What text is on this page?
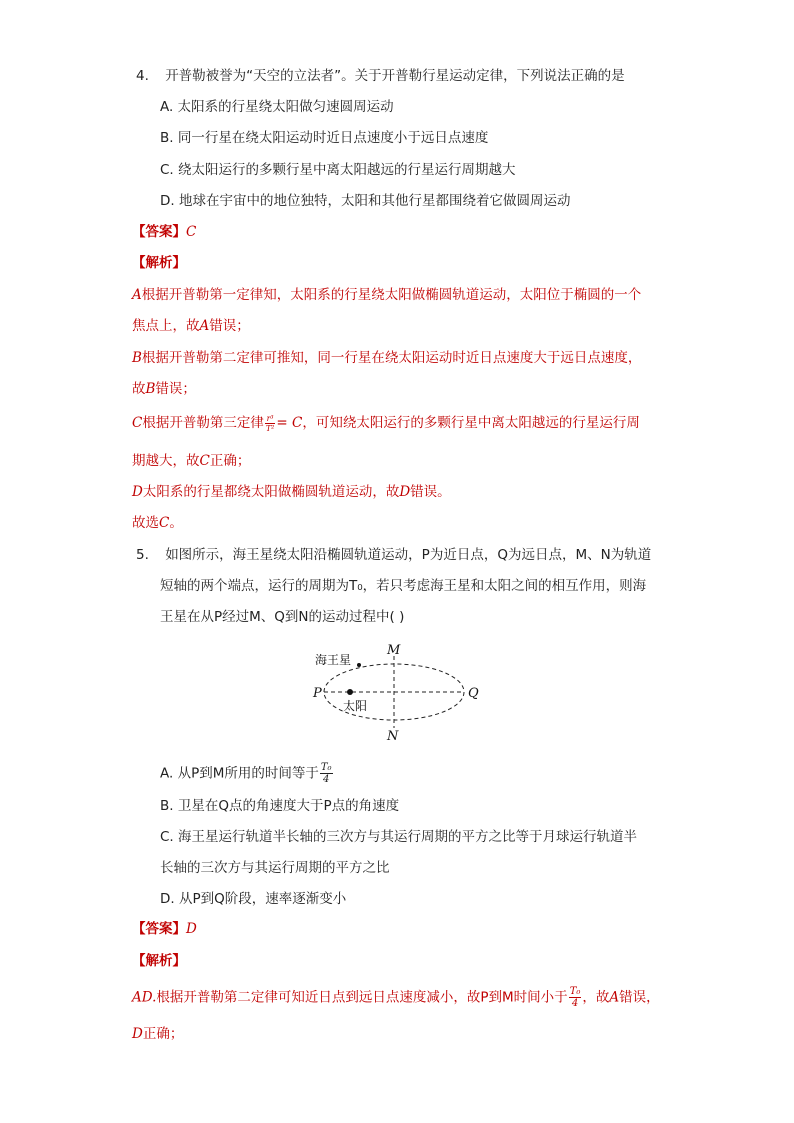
4. 开普勒被誉为“天空的立法者”。关于开普勒行星运动定律，下列说法正确的是
A. 太阳系的行星绕太阳做匀速圆周运动
B. 同一行星在绕太阳运动时近日点速度小于远日点速度
C. 绕太阳运行的多颗行星中离太阳越远的行星运行周期越大
D. 地球在宇宙中的地位独特，太阳和其他行星都围绕着它做圆周运动
【答案】C
【解析】
A根据开普勒第一定律知，太阳系的行星绕太阳做椭圆轨道运动，太阳位于椭圆的一个
焦点上，故A错误；
B根据开普勒第二定律可推知，同一行星在绕太阳运动时近日点速度大于远日点速度，
故B错误；
C根据开普勒第三定律 $\frac{\text{r³}}{\text{T²}} = C$，可知绕太阳运行的多颗行星中离太阳越远的行星运行周
期越大，故C正确；
D太阳系的行星都绕太阳做椭圆轨道运动，故D错误。
故选C。
5. 如图所示，海王星绕太阳沿椭圆轨道运动，P为近日点，Q为远日点，M、N为轨道
短轴的两个端点，运行的周期为T₀，若只考虑海王星和太阳之间的相互作用，则海
王星在从P经过M、Q到N的运动过程中( )
海王星
太阳
P	Q
M
N
A. 从P到M所用的时间等于 $\frac{\text{T₀}}{4}$
B. 卫星在Q点的角速度大于P点的角速度
C. 海王星运行轨道半长轴的三次方与其运行周期的平方之比等于月球运行轨道半
长轴的三次方与其运行周期的平方之比
D. 从P到Q阶段，速率逐渐变小
【答案】D
【解析】
AD.根据开普勒第二定律可知近日点到远日点速度减小，故P到M时间小于 $\frac{\text{T₀}}{4}$ ，故A错误，
D正确；
